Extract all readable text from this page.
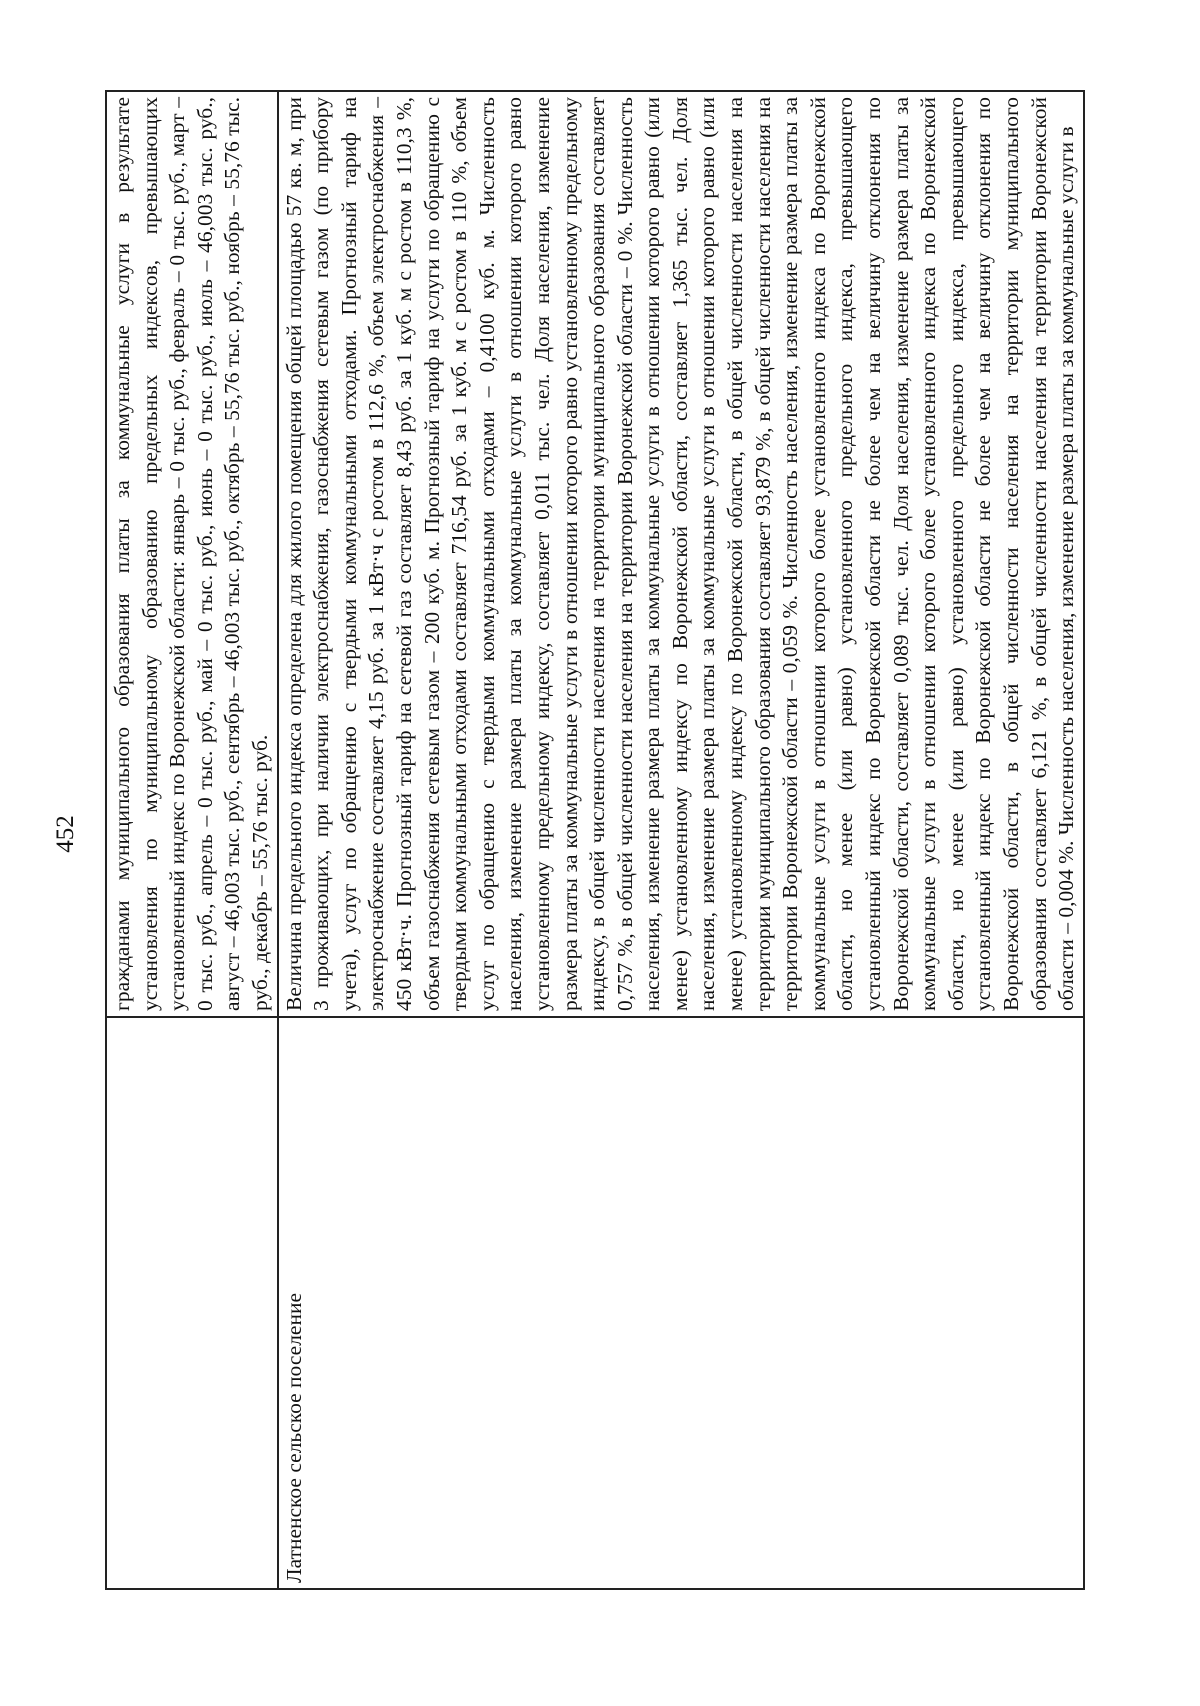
452
	гражданами муниципального образования платы за коммунальные услуги в результате установления по муниципальному образованию предельных индексов, превышающих установленный индекс по Воронежской области: январь – 0 тыс. руб., февраль – 0 тыс. руб., март – 0 тыс. руб., апрель – 0 тыс. руб., май – 0 тыс. руб., июнь – 0 тыс. руб., июль – 46,003 тыс. руб., август – 46,003 тыс. руб., сентябрь – 46,003 тыс. руб., октябрь – 55,76 тыс. руб., ноябрь – 55,76 тыс. руб., декабрь – 55,76 тыс. руб.
Латненское сельское поселение	Величина предельного индекса определена для жилого помещения общей площадью 57 кв. м, при 3 проживающих, при наличии электроснабжения, газоснабжения сетевым газом (по прибору учета), услуг по обращению с твердыми коммунальными отходами. Прогнозный тариф на электроснабжение составляет 4,15 руб. за 1 кВт·ч с ростом в 112,6 %, объем электроснабжения – 450 кВт·ч. Прогнозный тариф на сетевой газ составляет 8,43 руб. за 1 куб. м с ростом в 110,3 %, объем газоснабжения сетевым газом – 200 куб. м. Прогнозный тариф на услуги по обращению с твердыми коммунальными отходами составляет 716,54 руб. за 1 куб. м с ростом в 110 %, объем услуг по обращению с твердыми коммунальными отходами – 0,4100 куб. м. Численность населения, изменение размера платы за коммунальные услуги в отношении которого равно установленному предельному индексу, составляет 0,011 тыс. чел. Доля населения, изменение размера платы за коммунальные услуги в отношении которого равно установленному предельному индексу, в общей численности населения на территории муниципального образования составляет 0,757 %, в общей численности населения на территории Воронежской области – 0 %. Численность населения, изменение размера платы за коммунальные услуги в отношении которого равно (или менее) установленному индексу по Воронежской области, составляет 1,365 тыс. чел. Доля населения, изменение размера платы за коммунальные услуги в отношении которого равно (или менее) установленному индексу по Воронежской области, в общей численности населения на территории муниципального образования составляет 93,879 %, в общей численности населения на территории Воронежской области – 0,059 %. Численность населения, изменение размера платы за коммунальные услуги в отношении которого более установленного индекса по Воронежской области, но менее (или равно) установленного предельного индекса, превышающего установленный индекс по Воронежской области не более чем на величину отклонения по Воронежской области, составляет 0,089 тыс. чел. Доля населения, изменение размера платы за коммунальные услуги в отношении которого более установленного индекса по Воронежской области, но менее (или равно) установленного предельного индекса, превышающего установленный индекс по Воронежской области не более чем на величину отклонения по Воронежской области, в общей численности населения на территории муниципального образования составляет 6,121 %, в общей численности населения на территории Воронежской области – 0,004 %. Численность населения, изменение размера платы за коммунальные услуги в
